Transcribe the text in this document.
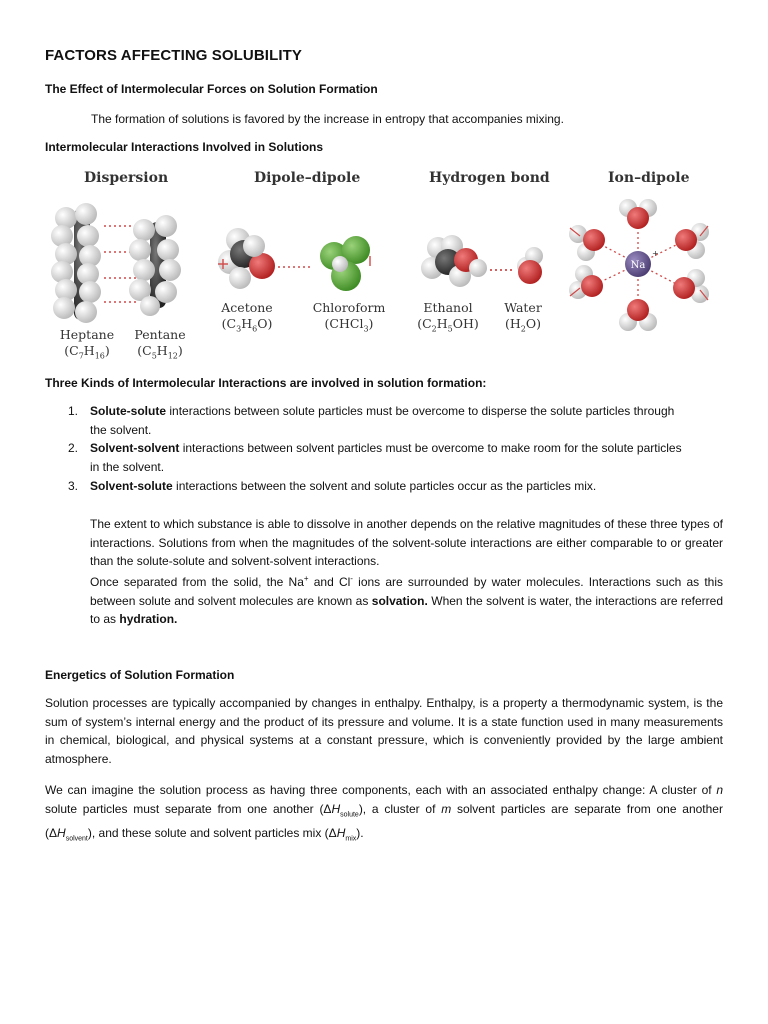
FACTORS AFFECTING SOLUBILITY
The Effect of Intermolecular Forces on Solution Formation

The formation of solutions is favored by the increase in entropy that accompanies mixing.

Intermolecular Interactions Involved in Solutions
Dispersion	Dipole–dipole	Hydrogen bond	Ion–dipole
Na
+
Heptane
$(C_7H_{16})$
Pentane
$(C_5H_{12})$
Acetone
$(C_3H_6O)$
Chloroform
(CHCl$_3$)
Ethanol
$(C_2H_5OH)$
Water
$(H_2O)$
Three Kinds of Intermolecular Interactions are involved in solution formation:
1. Solute-solute interactions between solute particles must be overcome to disperse the solute particles through
the solvent.
2. Solvent-solvent interactions between solvent particles must be overcome to make room for the solute particles
in the solvent.
3. Solvent-solute interactions between the solvent and solute particles occur as the particles mix.

The extent to which substance is able to dissolve in another depends on the relative magnitudes of these three types of interactions. Solutions from when the magnitudes of the solvent-solute interactions are either comparable to or greater than the solute-solute and solvent-solvent interactions.

Once separated from the solid, the Na+ and Cl- ions are surrounded by water molecules. Interactions such as this between solute and solvent molecules are known as solvation. When the solvent is water, the interactions are referred to as hydration.

Energetics of Solution Formation

Solution processes are typically accompanied by changes in enthalpy. Enthalpy, is a property a thermodynamic system, is the sum of system’s internal energy and the product of its pressure and volume. It is a state function used in many measurements in chemical, biological, and physical systems at a constant pressure, which is conveniently provided by the large ambient atmosphere.

We can imagine the solution process as having three components, each with an associated enthalpy change: A cluster of n solute particles must separate from one another $(\Delta H_{solute})$, a cluster of m solvent particles are separate from one another $(\Delta H_{solvent})$, and these solute and solvent particles mix $(\Delta H_{mix})$.
